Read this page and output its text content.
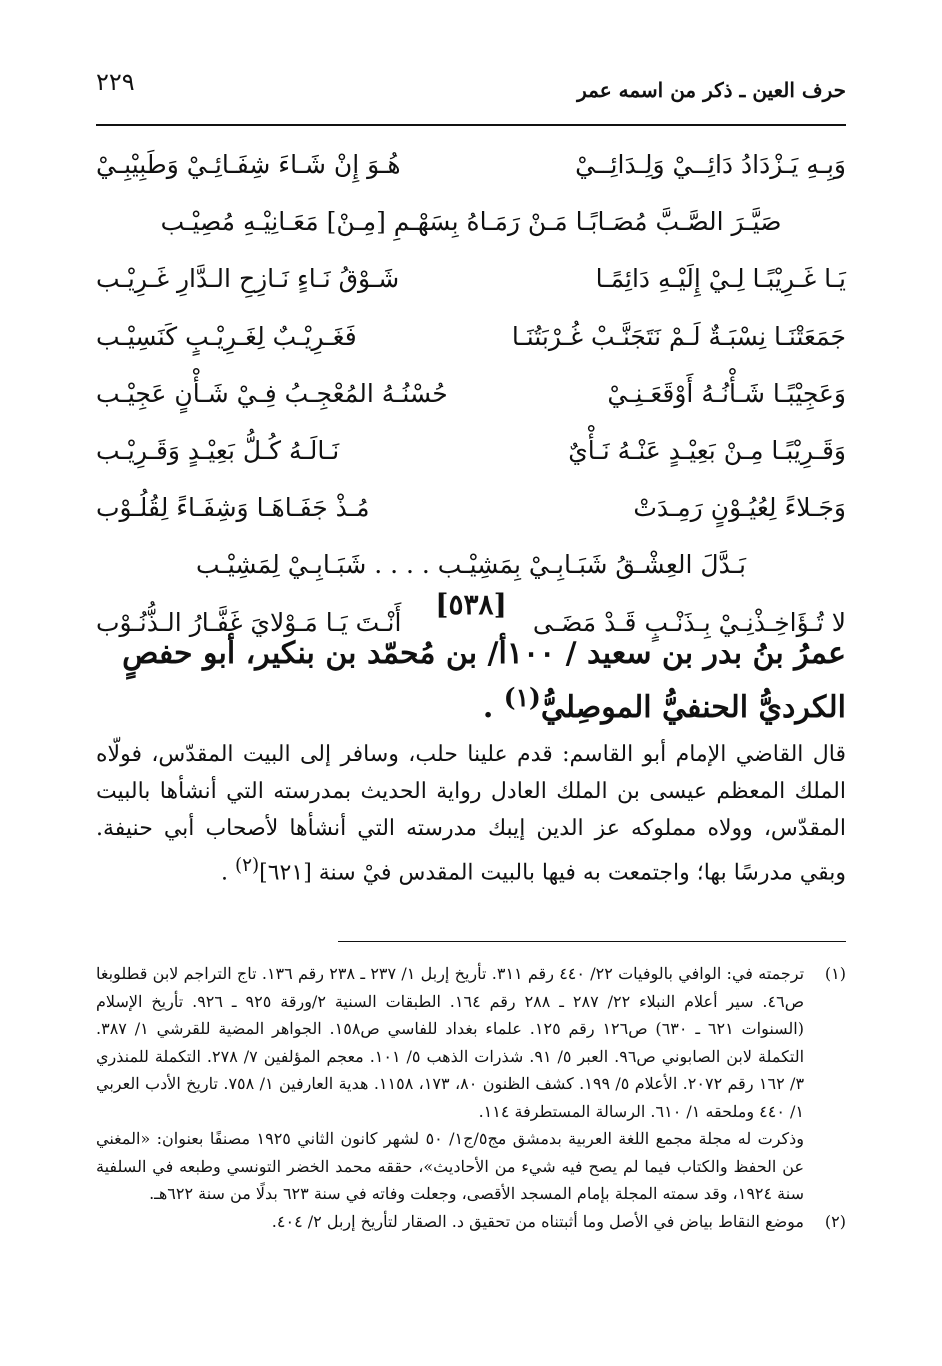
٢٢٩	حرف العين ـ ذكر من اسمه عمر
وَبِـهِ يَـزْدَادُ دَائِــيْ وَلِـدَائِــيْ
هُـوَ إِنْ شَـاءَ شِفَـائِـيْ وَطَبِيْبِـيْ
صَيَّـرَ الصَّـبَّ مُصَـابًـا مَـنْ رَمَـاهُ بِسَهْـمِ [مِـنْ] مَعَـانِيْـهِ مُصِيْـب
يَـا غَـرِيْبًـا لِـيْ إِلَيْـهِ دَائِمًـا
شَـوْقُ نَـاءٍ نَـازِحِ الـدَّارِ غَـرِيْـب
جَمَعَتْنَـا نِسْبَـةٌ لَـمْ نَتَجَنَّـبْ غُـرْبَتُنَـا
فَغَـرِيْـبٌ لِغَـرِيْـبٍ كَنَسِيْـب
وَعَجِيْبًـا شَـأْنُـهُ أَوْقَعَـنِـيْ
حُسْنُـهُ المُعْجِـبُ فِـيْ شَـأْنٍ عَجِيْـب
وَقَـرِيْبًـا مِـنْ بَعِيْـدٍ عَنْـهُ نَـأْيٌ
نَـالَـهُ كُـلُّ بَعِيْـدٍ وَقَـرِيْـب
وَجَـلاءً لِعُيُـوْنٍ رَمِـدَتْ
مُـذْ جَفَـاهَـا وَشِفَـاءً لِقُلُـوْب
بَـدَّلَ العِشْـقُ شَبَـابِـيْ بِمَشِيْـب . . . . شَبَـابِـيْ لِمَشِيْـب
لا تُـؤَاخِـذْنِـيْ بِـذَنْـبٍ قَـدْ مَضَـى
أَنْـتَ يَـا مَـوْلايَ غَفَّـارُ الـذُّنُـوْب
[٥٣٨]
عمرُ بنُ بدر بن سعيد / ١٠٠أ/ بن مُحمّد بن بنكير، أبو حفصٍ الكرديُّ الحنفيُّ الموصِليُّ$^{(١)}$ .
قال القاضي الإمام أبو القاسم: قدم علينا حلب، وسافر إلى البيت المقدّس، فولّاه الملك المعظم عيسى بن الملك العادل رواية الحديث بمدرسته التي أنشأها بالبيت المقدّس، وولاه مملوكه عز الدين إيبك مدرسته التي أنشأها لأصحاب أبي حنيفة. وبقي مدرسًا بها؛ واجتمعت به فيها بالبيت المقدس فيْ سنة [٦٢١]$^{(٢)}$ .
(١)
ترجمته في: الوافي بالوفيات ٢٢/ ٤٤٠ رقم ٣١١. تأريخ إربل ١/ ٢٣٧ ـ ٢٣٨ رقم ١٣٦. تاج التراجم لابن قطلوبغا ص٤٦. سير أعلام النبلاء ٢٢/ ٢٨٧ ـ ٢٨٨ رقم ١٦٤. الطبقات السنية ٢/ورقة ٩٢٥ ـ ٩٢٦. تأريخ الإسلام (السنوات ٦٢١ ـ ٦٣٠) ص١٢٦ رقم ١٢٥. علماء بغداد للفاسي ص١٥٨. الجواهر المضية للقرشي ١/ ٣٨٧. التكملة لابن الصابوني ص٩٦. العبر ٥/ ٩١. شذرات الذهب ٥/ ١٠١. معجم المؤلفين ٧/ ٢٧٨. التكملة للمنذري ٣/ ١٦٢ رقم ٢٠٧٢. الأعلام ٥/ ١٩٩. كشف الظنون ٨٠، ١٧٣، ١١٥٨. هدية العارفين ١/ ٧٥٨. تاريخ الأدب العربي ١/ ٤٤٠ وملحقه ١/ ٦١٠. الرسالة المستطرفة ١١٤.
وذكرت له مجلة مجمع اللغة العربية بدمشق مج٥/ج١/ ٥٠ لشهر كانون الثاني ١٩٢٥ مصنفًا بعنوان: «المغني عن الحفظ والكتاب فيما لم يصح فيه شيء من الأحاديث»، حققه محمد الخضر التونسي وطبعه في السلفية سنة ١٩٢٤، وقد سمته المجلة بإمام المسجد الأقصى، وجعلت وفاته في سنة ٦٢٣ بدلًا من سنة ٦٢٢هـ.
(٢)
موضع النقاط بياض في الأصل وما أثبتناه من تحقيق د. الصقار لتأريخ إربل ٢/ ٤٠٤.
